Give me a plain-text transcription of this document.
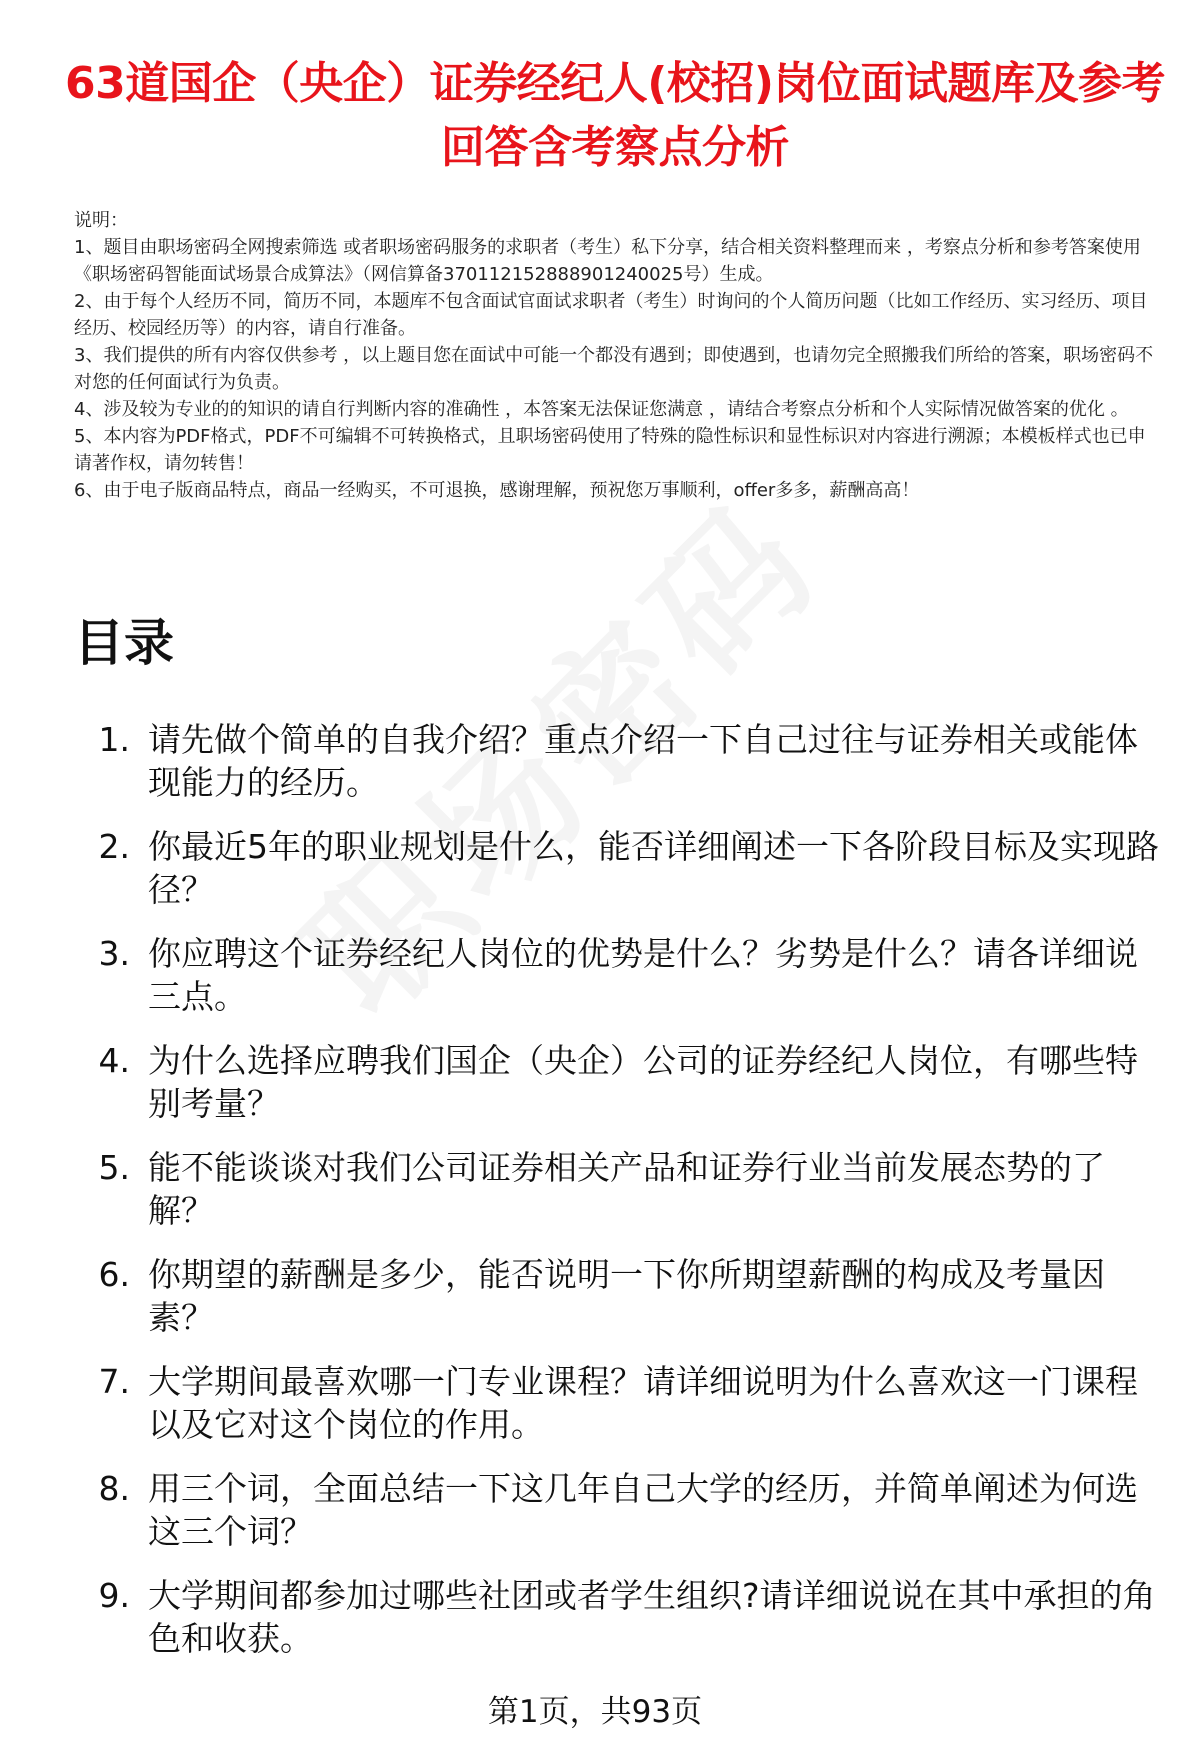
63道国企（央企）证券经纪人(校招)岗位面试题库及参考回答含考察点分析
说明：
1、题目由职场密码全网搜索筛选 或者职场密码服务的求职者（考生）私下分享，结合相关资料整理而来 ，考察点分析和参考答案使用《职场密码智能面试场景合成算法》（网信算备370112152888901240025号）生成。
2、由于每个人经历不同，简历不同，本题库不包含面试官面试求职者（考生）时询问的个人简历问题（比如工作经历、实习经历、项目经历、校园经历等）的内容，请自行准备。
3、我们提供的所有内容仅供参考 ，以上题目您在面试中可能一个都没有遇到；即使遇到，也请勿完全照搬我们所给的答案，职场密码不对您的任何面试行为负责。
4、涉及较为专业的的知识的请自行判断内容的准确性 ，本答案无法保证您满意 ，请结合考察点分析和个人实际情况做答案的优化 。
5、本内容为PDF格式，PDF不可编辑不可转换格式，且职场密码使用了特殊的隐性标识和显性标识对内容进行溯源；本模板样式也已申请著作权，请勿转售！
6、由于电子版商品特点，商品一经购买，不可退换，感谢理解，预祝您万事顺利，offer多多，薪酬高高！
目录
1. 请先做个简单的自我介绍？重点介绍一下自己过往与证券相关或能体现能力的经历。
2. 你最近5年的职业规划是什么，能否详细阐述一下各阶段目标及实现路径？
3. 你应聘这个证券经纪人岗位的优势是什么？劣势是什么？请各详细说三点。
4. 为什么选择应聘我们国企（央企）公司的证券经纪人岗位，有哪些特别考量？
5. 能不能谈谈对我们公司证券相关产品和证券行业当前发展态势的了解？
6. 你期望的薪酬是多少，能否说明一下你所期望薪酬的构成及考量因素？
7. 大学期间最喜欢哪一门专业课程？请详细说明为什么喜欢这一门课程以及它对这个岗位的作用。
8. 用三个词，全面总结一下这几年自己大学的经历，并简单阐述为何选这三个词？
9. 大学期间都参加过哪些社团或者学生组织?请详细说说在其中承担的角色和收获。
第1页，共93页
